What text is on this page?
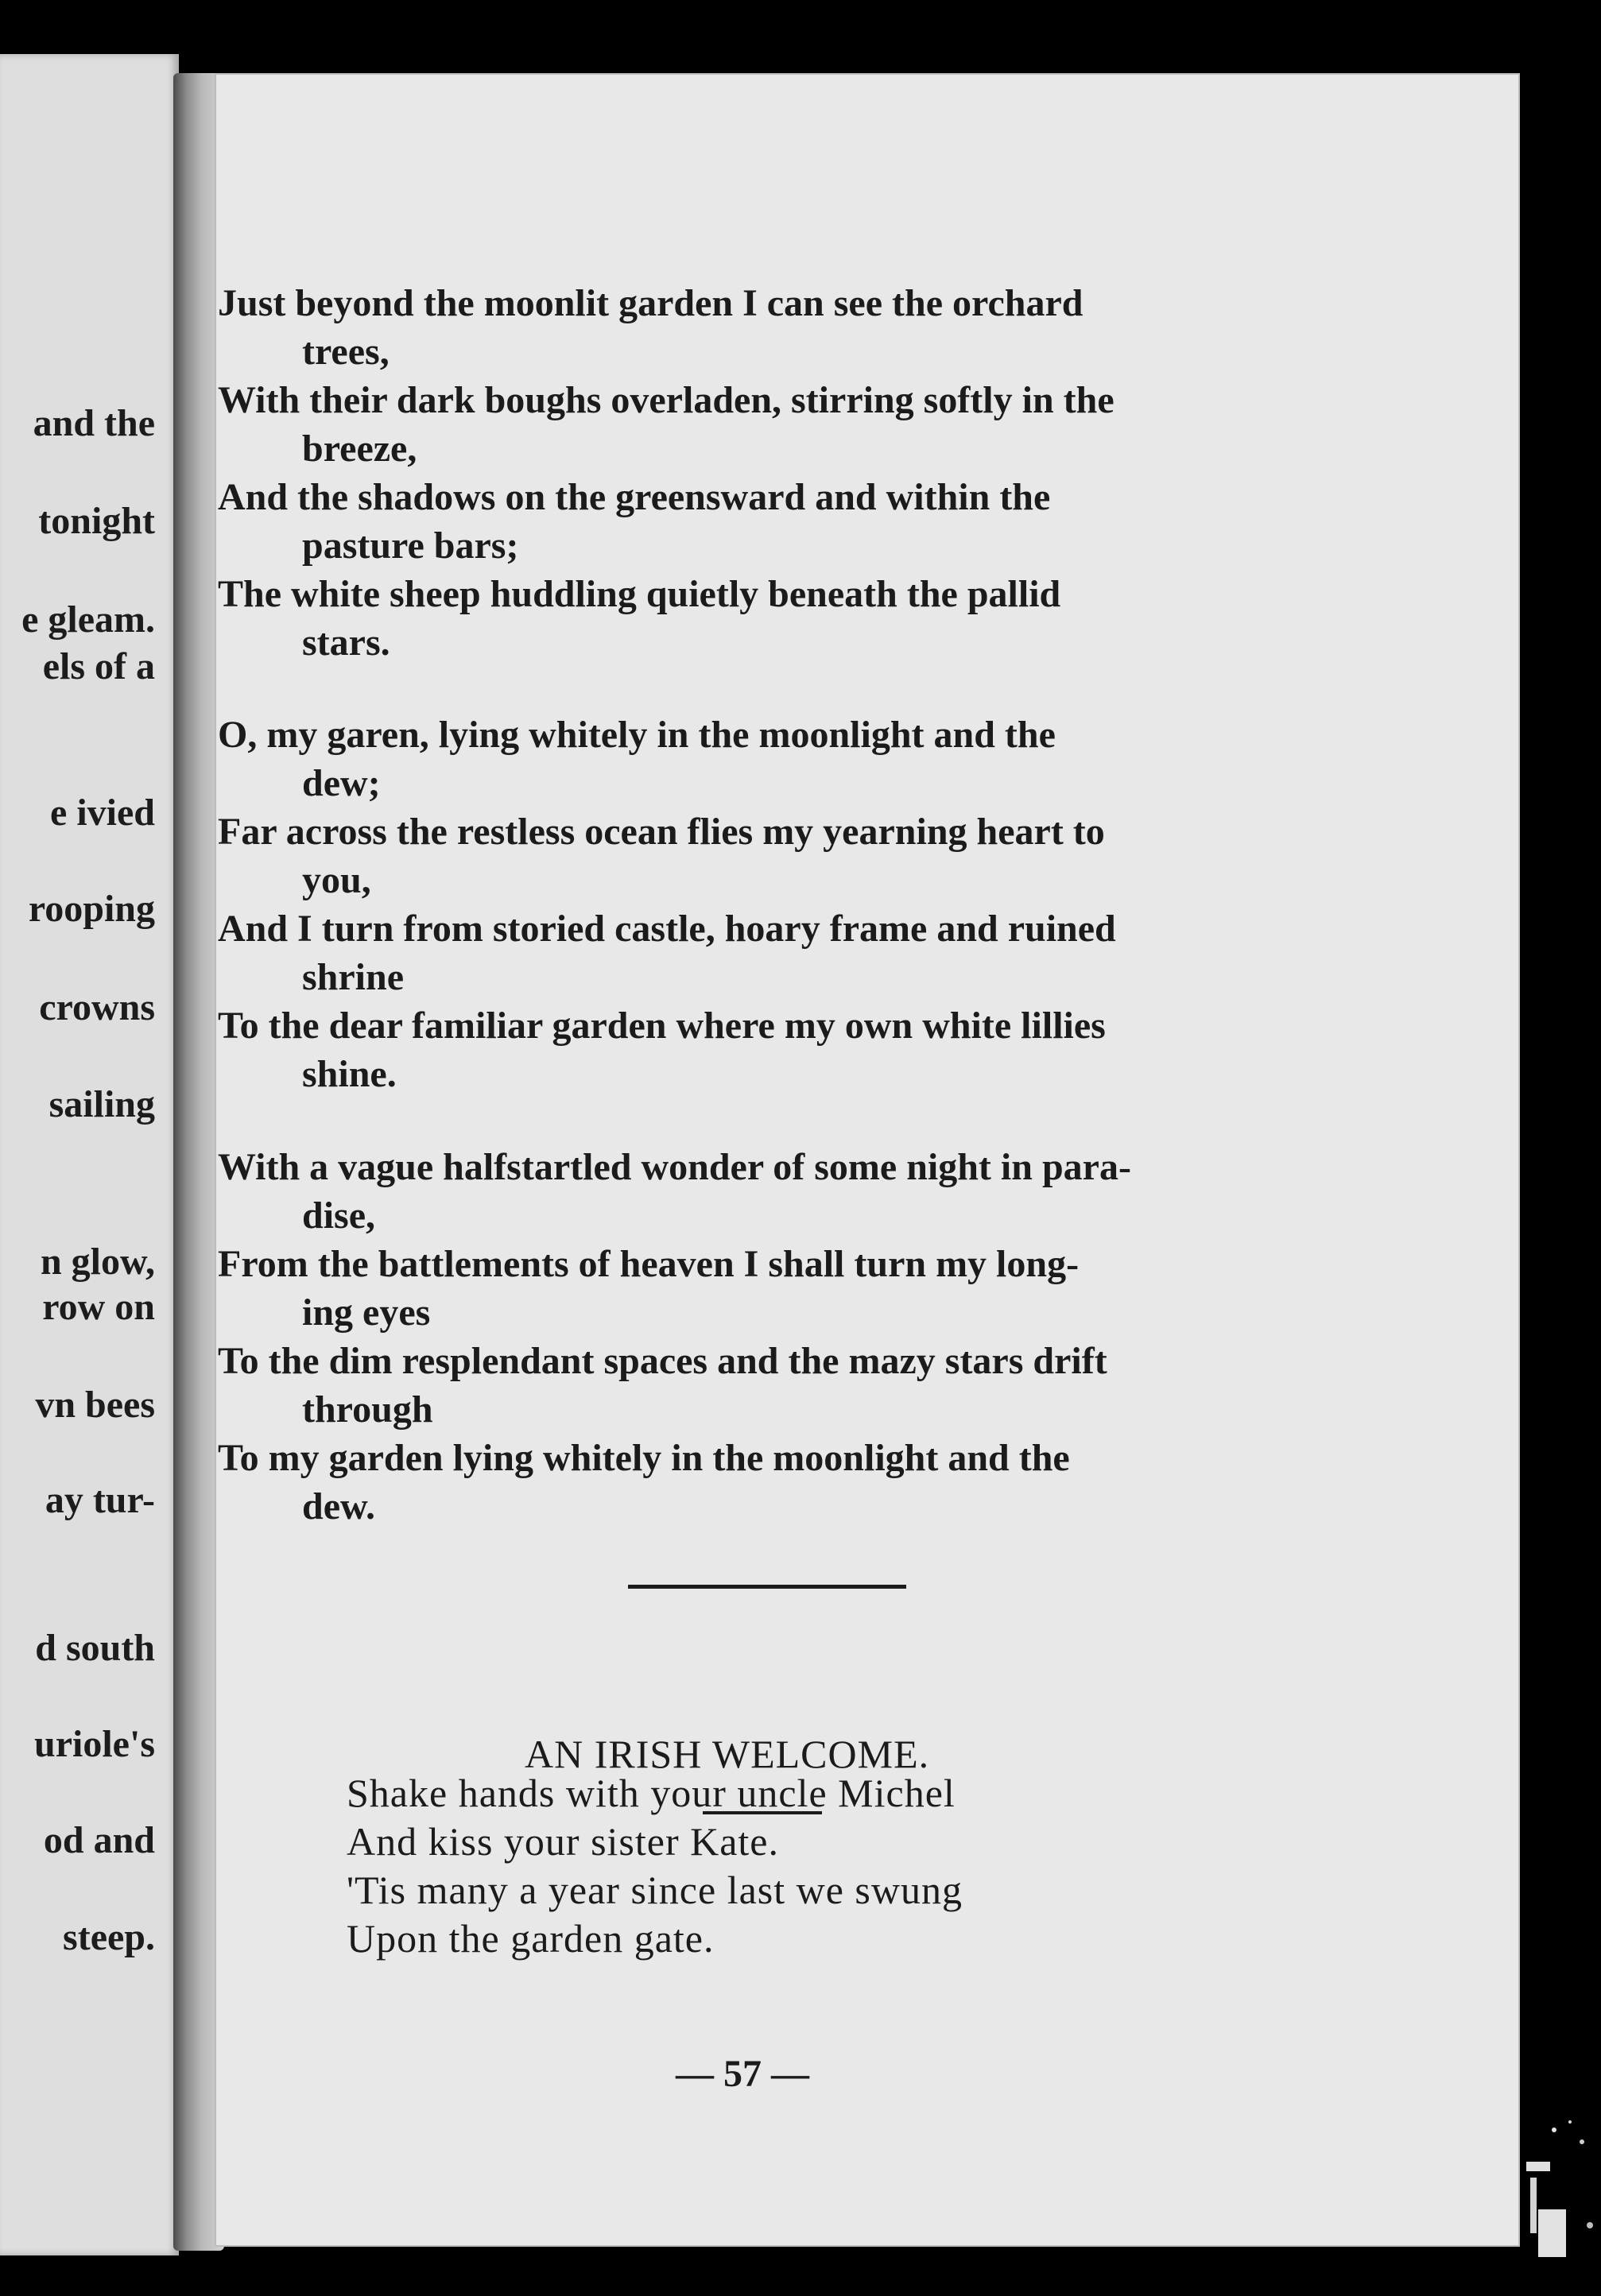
and the
tonight
e gleam.
els of a
e ivied
rooping
crowns
sailing
n glow,
row on
vn bees
ay tur-
d south
uriole's
od and
steep.
Just beyond the moonlit garden I can see the orchard
trees,
With their dark boughs overladen, stirring softly in the
breeze,
And the shadows on the greensward and within the
pasture bars;
The white sheep huddling quietly beneath the pallid
stars.
O, my garen, lying whitely in the moonlight and the
dew;
Far across the restless ocean flies my yearning heart to
you,
And I turn from storied castle, hoary frame and ruined
shrine
To the dear familiar garden where my own white lillies
shine.
With a vague halfstartled wonder of some night in para-
dise,
From the battlements of heaven I shall turn my long-
ing eyes
To the dim resplendant spaces and the mazy stars drift
through
To my garden lying whitely in the moonlight and the
dew.
AN IRISH WELCOME.
Shake hands with your uncle Michel
And kiss your sister Kate.
'Tis many a year since last we swung
Upon the garden gate.
— 57 —
